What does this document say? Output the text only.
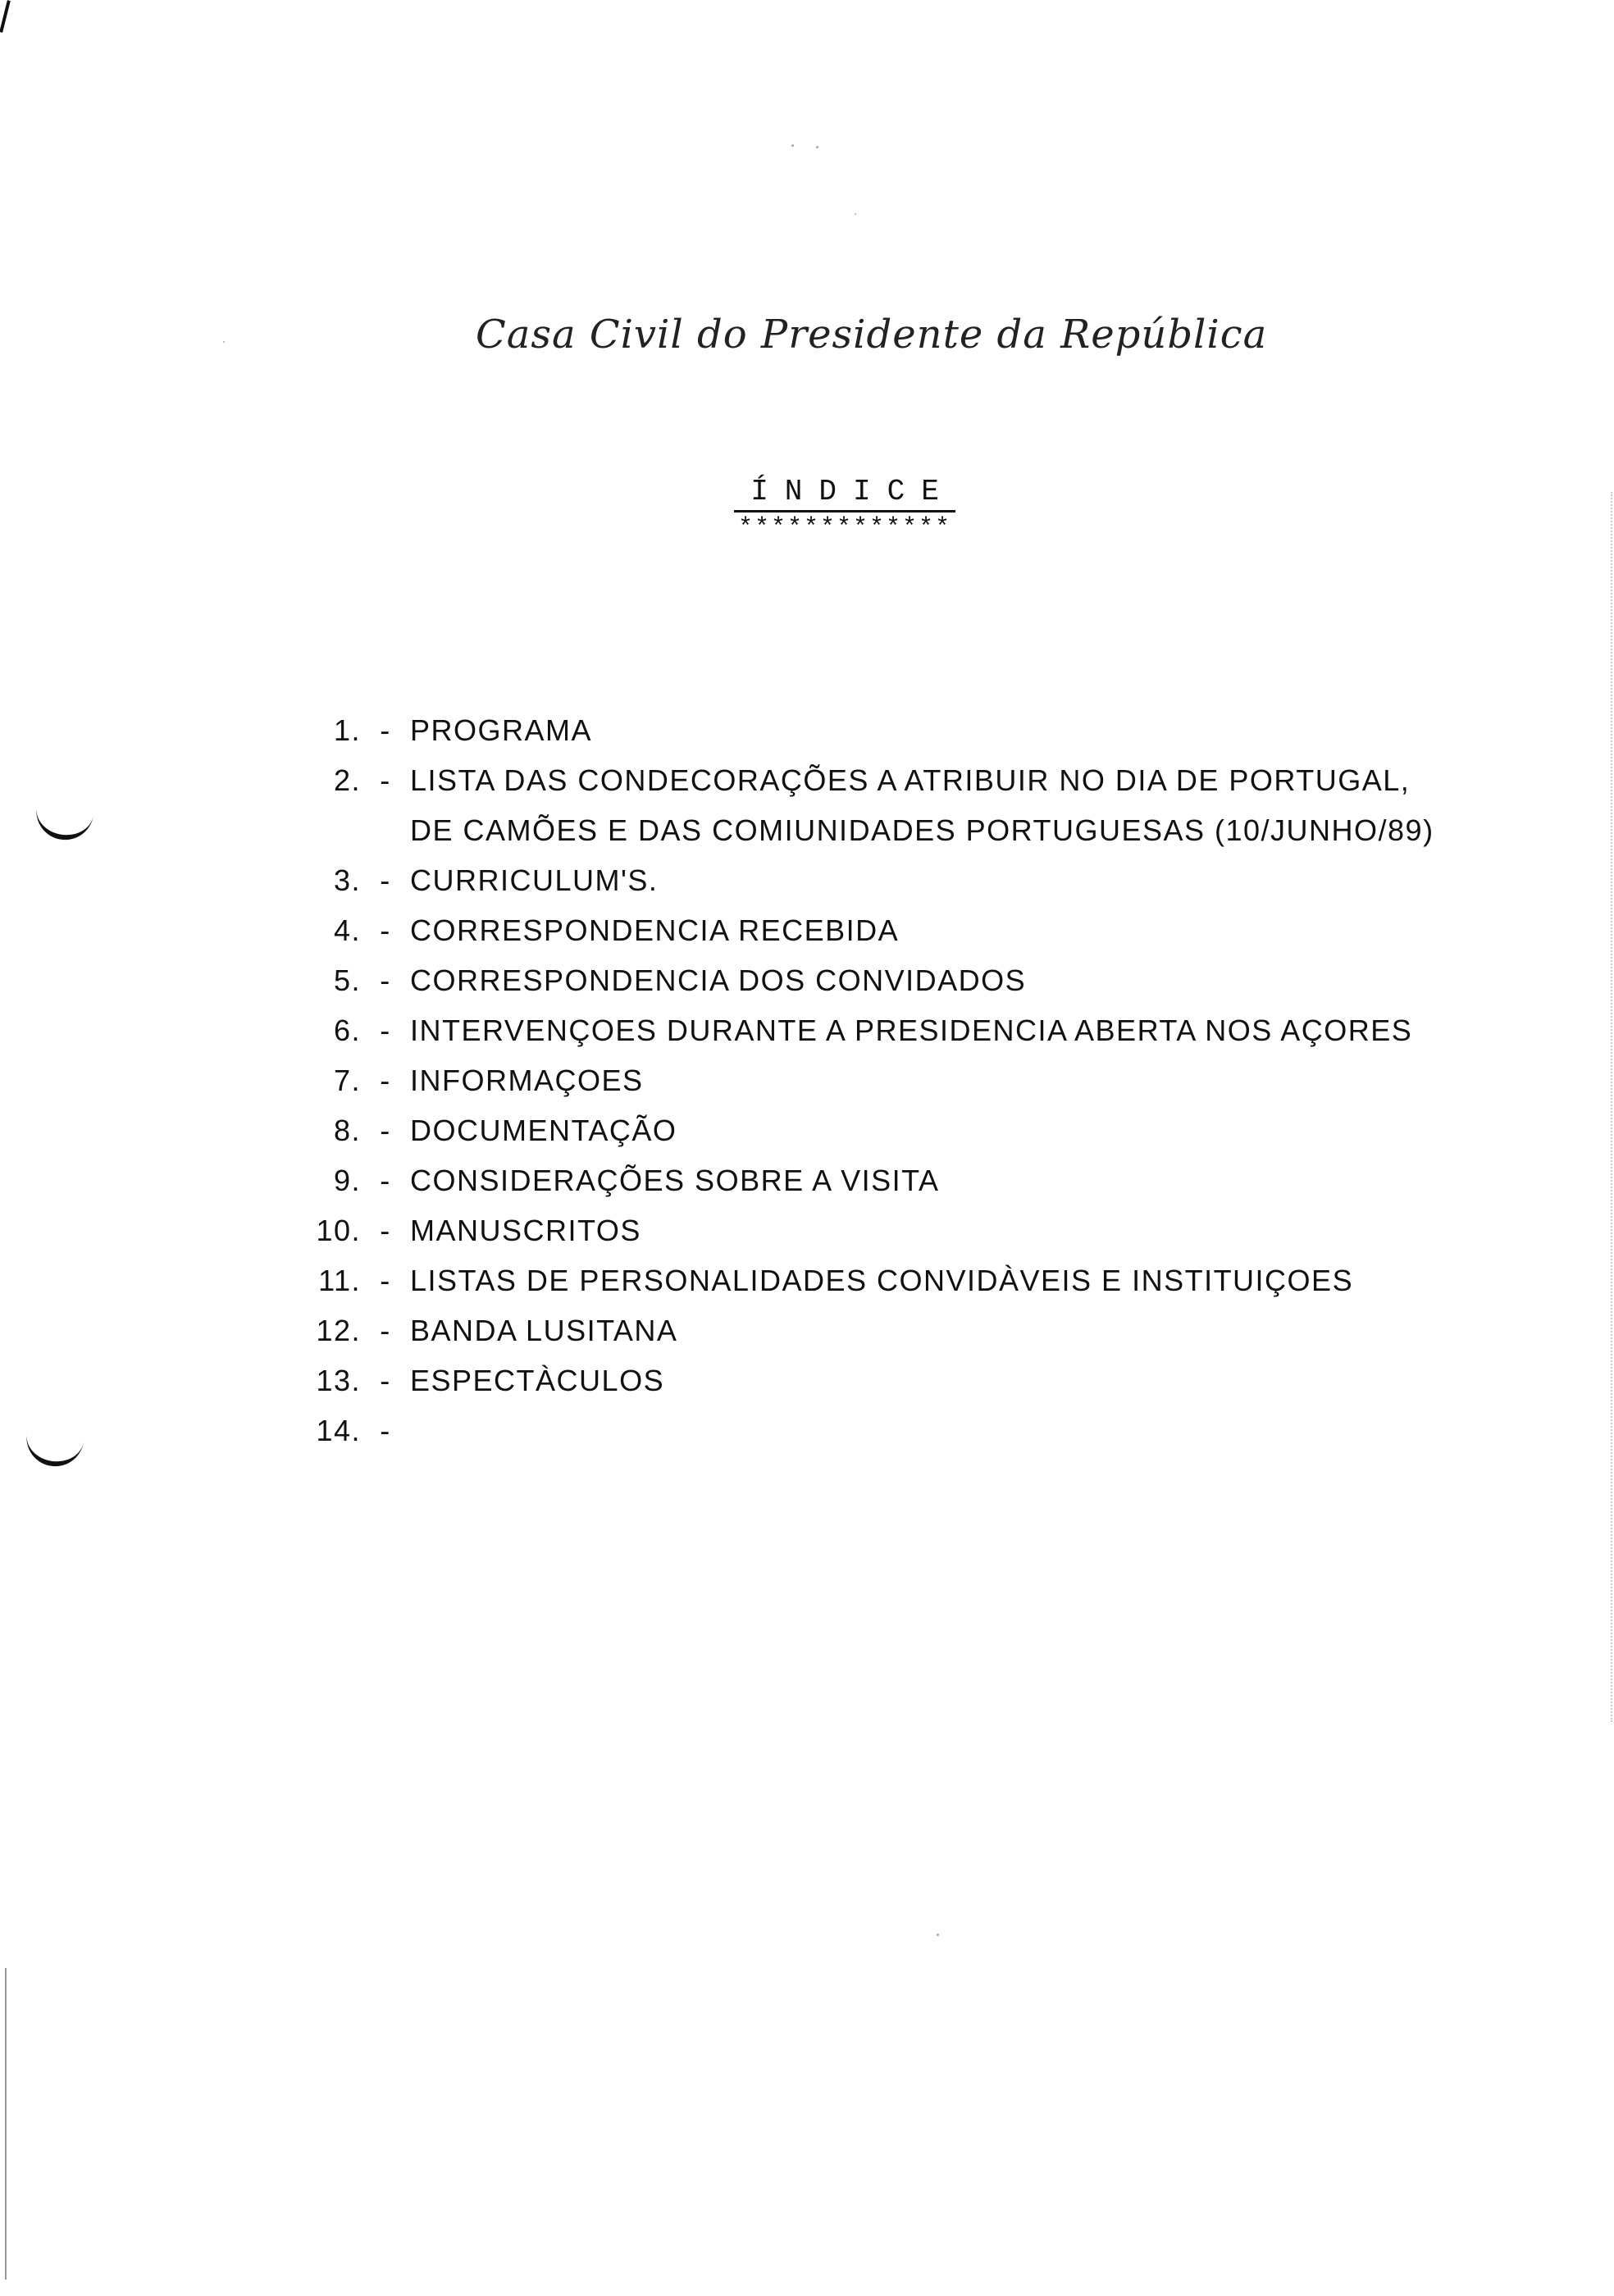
Casa Civil do Presidente da República
ÍNDICE
*************
1. - PROGRAMA
2. - LISTA DAS CONDECORAÇÕES A ATRIBUIR NO DIA DE PORTUGAL,
DE CAMÕES E DAS COMIUNIDADES PORTUGUESAS (10/JUNHO/89)
3. - CURRICULUM'S.
4. - CORRESPONDENCIA RECEBIDA
5. - CORRESPONDENCIA DOS CONVIDADOS
6. - INTERVENÇOES DURANTE A PRESIDENCIA ABERTA NOS AÇORES
7. - INFORMAÇOES
8. - DOCUMENTAÇÃO
9. - CONSIDERAÇÕES SOBRE A VISITA
10. - MANUSCRITOS
11. - LISTAS DE PERSONALIDADES CONVIDÀVEIS E INSTITUIÇOES
12. - BANDA LUSITANA
13. - ESPECTÀCULOS
14. -
